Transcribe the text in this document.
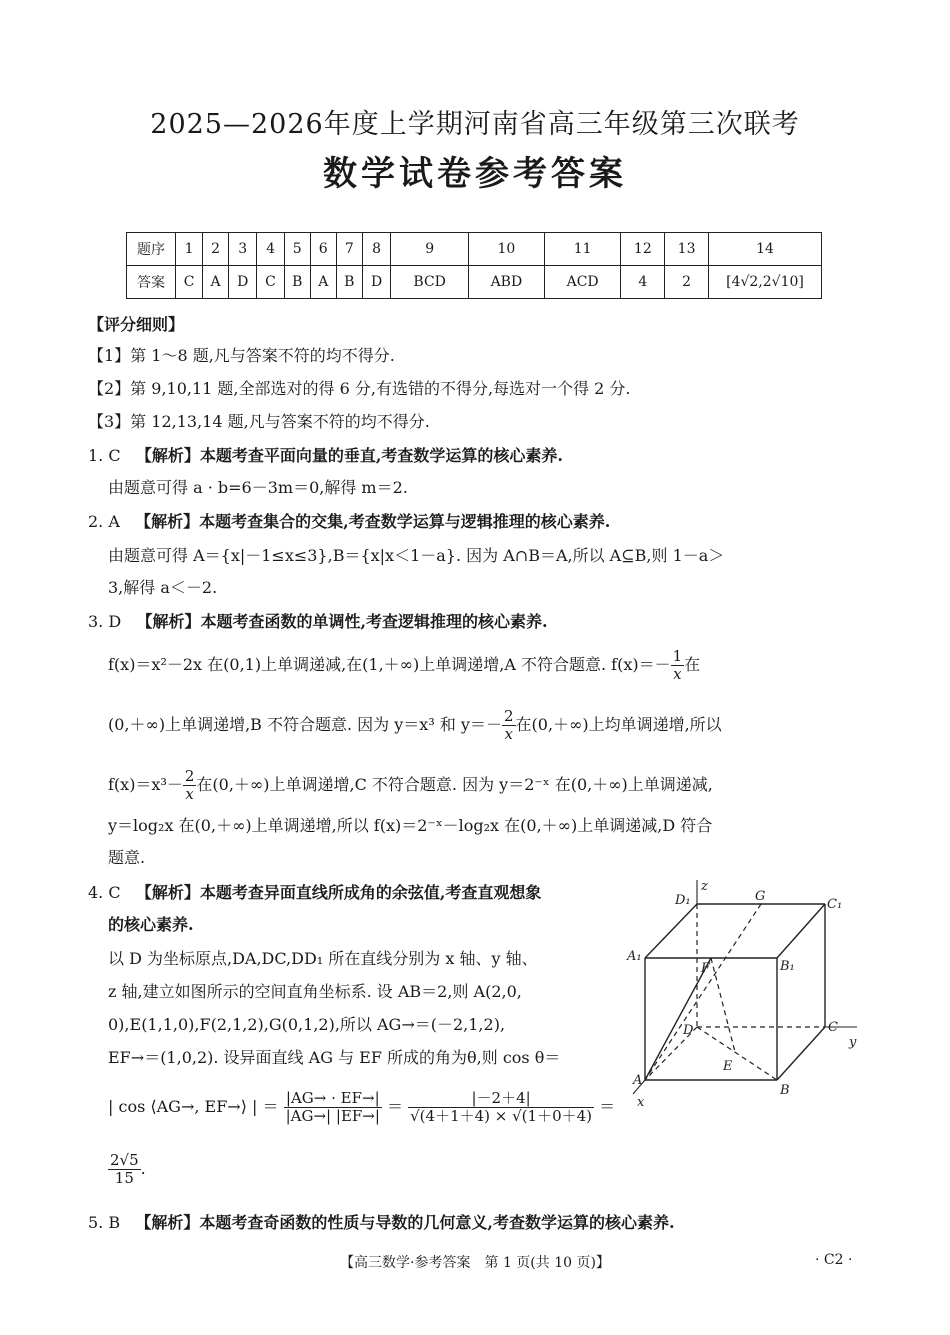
2025—2026年度上学期河南省高三年级第三次联考
数学试卷参考答案
题序	1	2	3	4	5	6	7	8	9	10	11	12	13	14
答案	C	A	D	C	B	A	B	D	BCD	ABD	ACD	4	2	[4√2,2√10]
【评分细则】
【1】第 1～8 题,凡与答案不符的均不得分.
【2】第 9,10,11 题,全部选对的得 6 分,有选错的不得分,每选对一个得 2 分.
【3】第 12,13,14 题,凡与答案不符的均不得分.
1. C 【解析】本题考查平面向量的垂直,考查数学运算的核心素养.
由题意可得 a · b=6－3m＝0,解得 m＝2.
2. A 【解析】本题考查集合的交集,考查数学运算与逻辑推理的核心素养.
由题意可得 A＝{x|－1≤x≤3},B＝{x|x＜1－a}. 因为 A∩B＝A,所以 A⊆B,则 1－a＞
3,解得 a＜－2.
3. D 【解析】本题考查函数的单调性,考查逻辑推理的核心素养.
f(x)＝x²－2x 在(0,1)上单调递减,在(1,＋∞)上单调递增,A 不符合题意. $f(x)=- \frac{1}{x}$ 在
(0,＋∞)上单调递增,B 不符合题意. 因为 y＝x³ 和 $y=- \frac{2}{x}$ 在(0,＋∞)上均单调递增,所以
$f(x)=x^3- \frac{2}{x}$ 在(0,＋∞)上单调递增,C 不符合题意. 因为 y＝2⁻ˣ 在(0,＋∞)上单调递减,
y＝log₂x 在(0,＋∞)上单调递增,所以 f(x)＝2⁻ˣ－log₂x 在(0,＋∞)上单调递减,D 符合
题意.
4. C 【解析】本题考查异面直线所成角的余弦值,考查直观想象
的核心素养.
以 D 为坐标原点,DA,DC,DD₁ 所在直线分别为 x 轴、y 轴、
z 轴,建立如图所示的空间直角坐标系. 设 AB＝2,则 A(2,0,
0),E(1,1,0),F(2,1,2),G(0,1,2),所以 AG→＝(－2,1,2),
EF→＝(1,0,2). 设异面直线 AG 与 EF 所成的角为θ,则 cos θ＝
| cos ⟨AG→, EF→⟩ | ＝ $\frac{|AG\to \cdot EF\to|}{|AG\to| |EF\to|} = \frac{|-2+4|}{√(4+1+4) \times √(1+0+4)}$ ＝
$\frac{2√5}{15}$ .
5. B 【解析】本题考查奇函数的性质与导数的几何意义,考查数学运算的核心素养.
z
D₁	G
C₁
A₁
F	B₁
D	C
y
A
E
B
x
【高三数学·参考答案　第 1 页(共 10 页)】	· C2 ·
